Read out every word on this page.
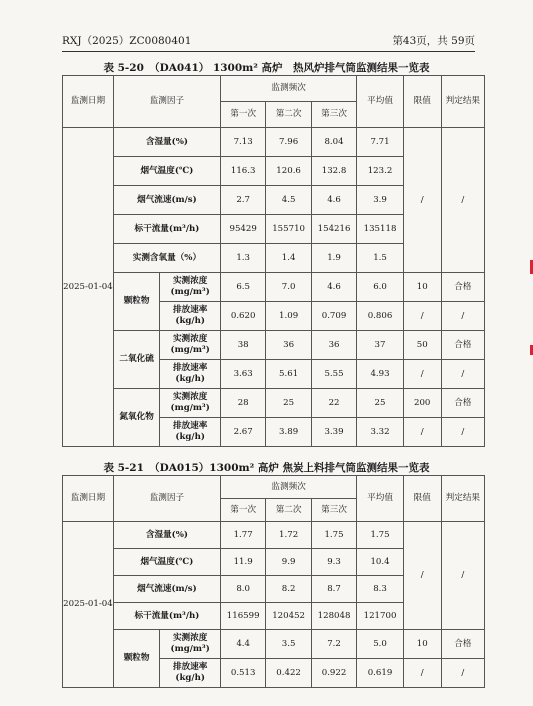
RXJ（2025）ZC0080401	第43页，共 59页
表 5-20　（DA041） 1300m² 高炉　热风炉排气筒监测结果一览表
监测日期	监测因子		监测频次			平均值	限值	判定结果
			第一次	第二次	第三次			
2025-01-04	含湿量(%)		7.13	7.96	8.04	7.71	/	/
	烟气温度(℃)		116.3	120.6	132.8	123.2		
	烟气流速(m/s)		2.7	4.5	4.6	3.9		
	标干流量(m³/h)		95429	155710	154216	135118		
	实测含氧量（%）		1.3	1.4	1.9	1.5		
	颗粒物	实测浓度 (mg/m³)	6.5	7.0	4.6	6.0	10	合格
		排放速率 (kg/h)	0.620	1.09	0.709	0.806	/	/
	二氧化硫	实测浓度 (mg/m³)	38	36	36	37	50	合格
		排放速率 (kg/h)	3.63	5.61	5.55	4.93	/	/
	氮氧化物	实测浓度 (mg/m³)	28	25	22	25	200	合格
		排放速率 (kg/h)	2.67	3.89	3.39	3.32	/	/
表 5-21　（DA015）1300m² 高炉 焦炭上料排气筒监测结果一览表
监测日期	监测因子		监测频次			平均值	限值	判定结果
			第一次	第二次	第三次			
2025-01-04	含湿量(%)		1.77	1.72	1.75	1.75	/	/
	烟气温度(℃)		11.9	9.9	9.3	10.4		
	烟气流速(m/s)		8.0	8.2	8.7	8.3		
	标干流量(m³/h)		116599	120452	128048	121700		
	颗粒物	实测浓度 (mg/m³)	4.4	3.5	7.2	5.0	10	合格
		排放速率 (kg/h)	0.513	0.422	0.922	0.619	/	/
